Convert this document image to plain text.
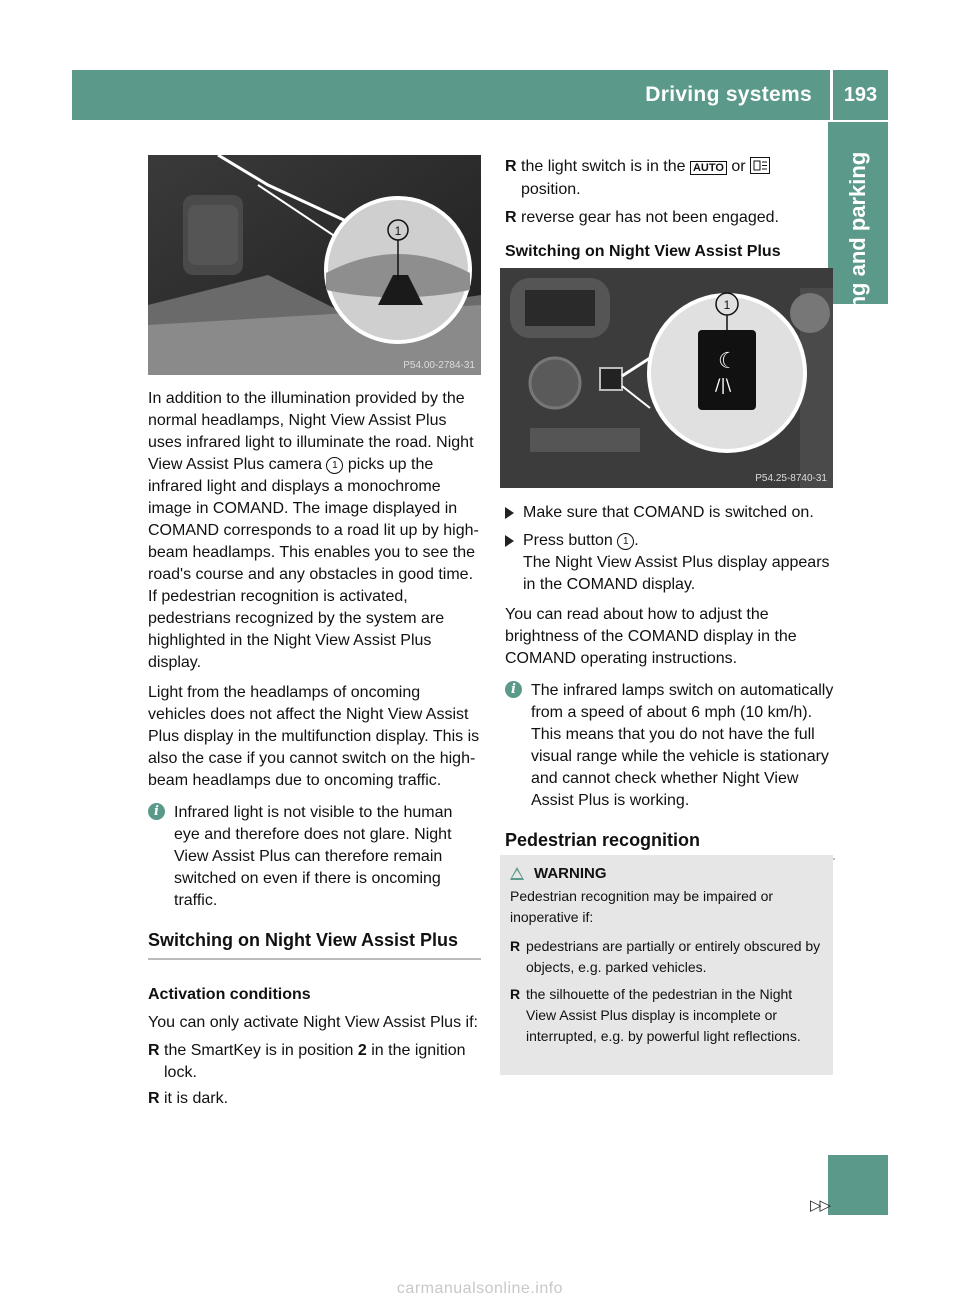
Driving systems	193
Driving and parking
1
P54.00-2784-31

In addition to the illumination provided by the normal headlamps, Night View Assist Plus uses infrared light to illuminate the road. Night View Assist Plus camera 1 picks up the infrared light and displays a monochrome image in COMAND. The image displayed in COMAND corresponds to a road lit up by high-beam headlamps. This enables you to see the road's course and any obstacles in good time. If pedestrian recognition is activated, pedestrians recognized by the system are highlighted in the Night View Assist Plus display.

Light from the headlamps of oncoming vehicles does not affect the Night View Assist Plus display in the multifunction display. This is also the case if you cannot switch on the high-beam headlamps due to oncoming traffic.

i Infrared light is not visible to the human eye and therefore does not glare. Night View Assist Plus can therefore remain switched on even if there is oncoming traffic.
Switching on Night View Assist Plus
Activation conditions

You can only activate Night View Assist Plus if:

R the SmartKey is in position 2 in the ignition lock.
R it is dark.
R the light switch is in the AUTO or  position.
R reverse gear has not been engaged.
Switching on Night View Assist Plus
☾
/|\
1
P54.25-8740-31
Make sure that COMAND is switched on.
Press button 1 .
The Night View Assist Plus display appears in the COMAND display.

You can read about how to adjust the brightness of the COMAND display in the COMAND operating instructions.

i The infrared lamps switch on automatically from a speed of about 6 mph (10 km/h). This means that you do not have the full visual range while the vehicle is stationary and cannot check whether Night View Assist Plus is working.
Pedestrian recognition
WARNING

Pedestrian recognition may be impaired or inoperative if:

R pedestrians are partially or entirely obscured by objects, e.g. parked vehicles.
R the silhouette of the pedestrian in the Night View Assist Plus display is incomplete or interrupted, e.g. by powerful light reflections.
▷▷
carmanualsonline.info
